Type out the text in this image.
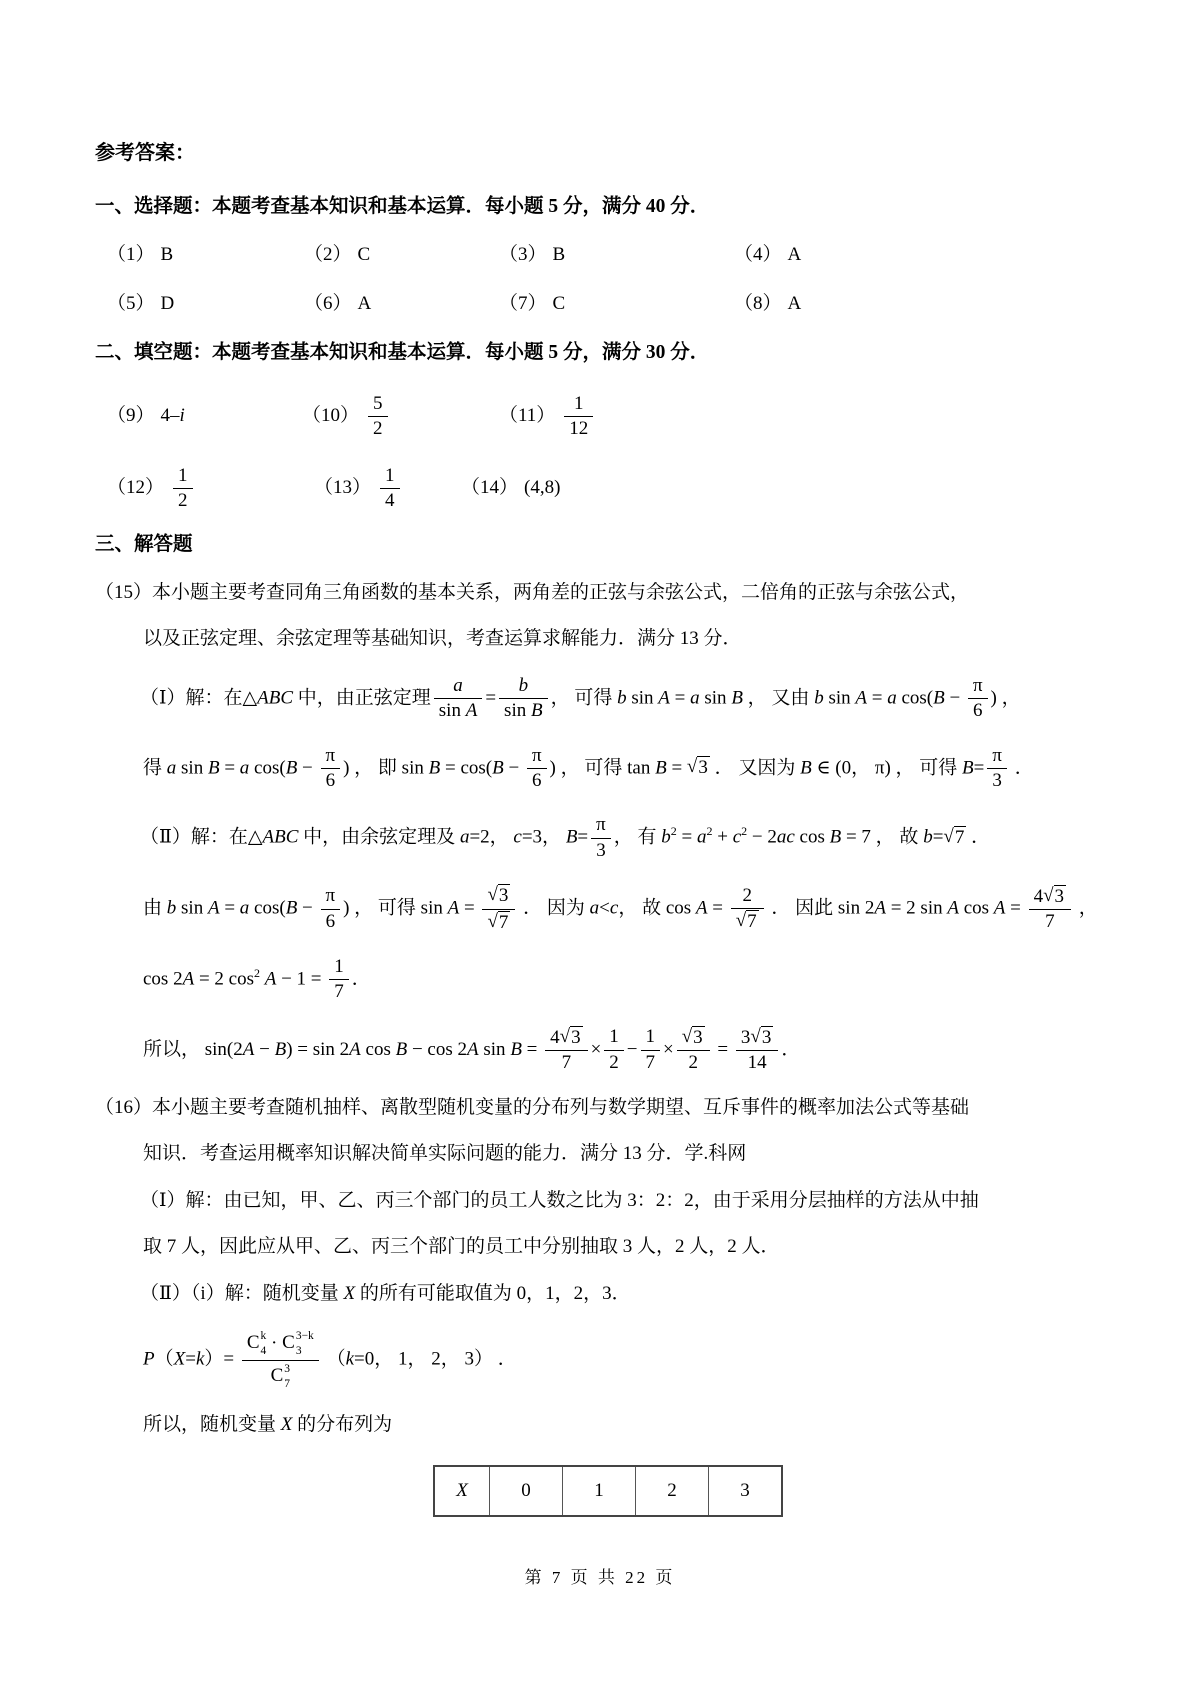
参考答案：
一、选择题：本题考查基本知识和基本运算．每小题 5 分，满分 40 分．
（1） B	（2） C	（3） B	（4） A
（5） D	（6） A	（7） C	（8） A
二、填空题：本题考查基本知识和基本运算．每小题 5 分，满分 30 分．
（9） 4–i	$(10) \frac{5}{2}$	$(11) \frac{1}{12}$
$(12) \frac{1}{2}$	$(13) \frac{1}{4}$	（14） (4,8)
三、解答题
（15）本小题主要考查同角三角函数的基本关系，两角差的正弦与余弦公式，二倍角的正弦与余弦公式，
以及正弦定理、余弦定理等基础知识，考查运算求解能力．满分 13 分．
（Ⅰ）解：在△ABC 中，由正弦定理 $\frac{a}{\text{sin A}} = \frac{b}{\text{sin B}}$ ， 可得 b sin A = a sin B ， 又由 b sin A = a $\cos(B - \frac{\pi}{6}$ ) ，
得 a sin B = a $\cos(B - \frac{\pi}{6}$ ) ， 即 $\sin B = \cos(B - \frac{\pi}{6}$ ) ， 可得 tan B = √3 ． 又因为 B ∈ (0， π) ， 可得 $B= \frac{\pi}{3}$ ．
（Ⅱ）解：在△ABC 中，由余弦定理及 a=2， c=3， $B= \frac{\pi}{3}$ ， 有 $b^2 = a^2 + c^2 - 2ac$ cos B = 7 ， 故 b=√7 ．
由 b sin A = a $\cos(B - \frac{\pi}{6}$ ) ， 可得 $\sin A = \frac{√3}{√7}$ ． 因为 a<c， 故 $\cos A = \frac{2}{√7}$ ． 因此 sin 2A = 2 sin A $\cos A = \frac{4√3}{7}$ ，
cos 2A = 2 $\cos^2 A - 1 = \frac{1}{7}$ ．
所以， sin(2A − B) = sin 2A cos B − cos 2A $\sin B = \frac{4√3}{7} \times \frac{1}{2} - \frac{1}{7} \times \frac{√3}{2} = \frac{3√3}{14}$ ．
（16）本小题主要考查随机抽样、离散型随机变量的分布列与数学期望、互斥事件的概率加法公式等基础
知识．考查运用概率知识解决简单实际问题的能力．满分 13 分．学.科网
（Ⅰ）解：由已知，甲、乙、丙三个部门的员工人数之比为 3：2：2，由于采用分层抽样的方法从中抽
取 7 人，因此应从甲、乙、丙三个部门的员工中分别抽取 3 人，2 人，2 人．
（Ⅱ）（i）解：随机变量 X 的所有可能取值为 0，1，2，3．
P（X=k）= C k
4 · C 3−k
3
C 3
7 （k=0， 1， 2， 3） ．
所以，随机变量 X 的分布列为
X	0	1	2	3
第 7 页 共 22 页
